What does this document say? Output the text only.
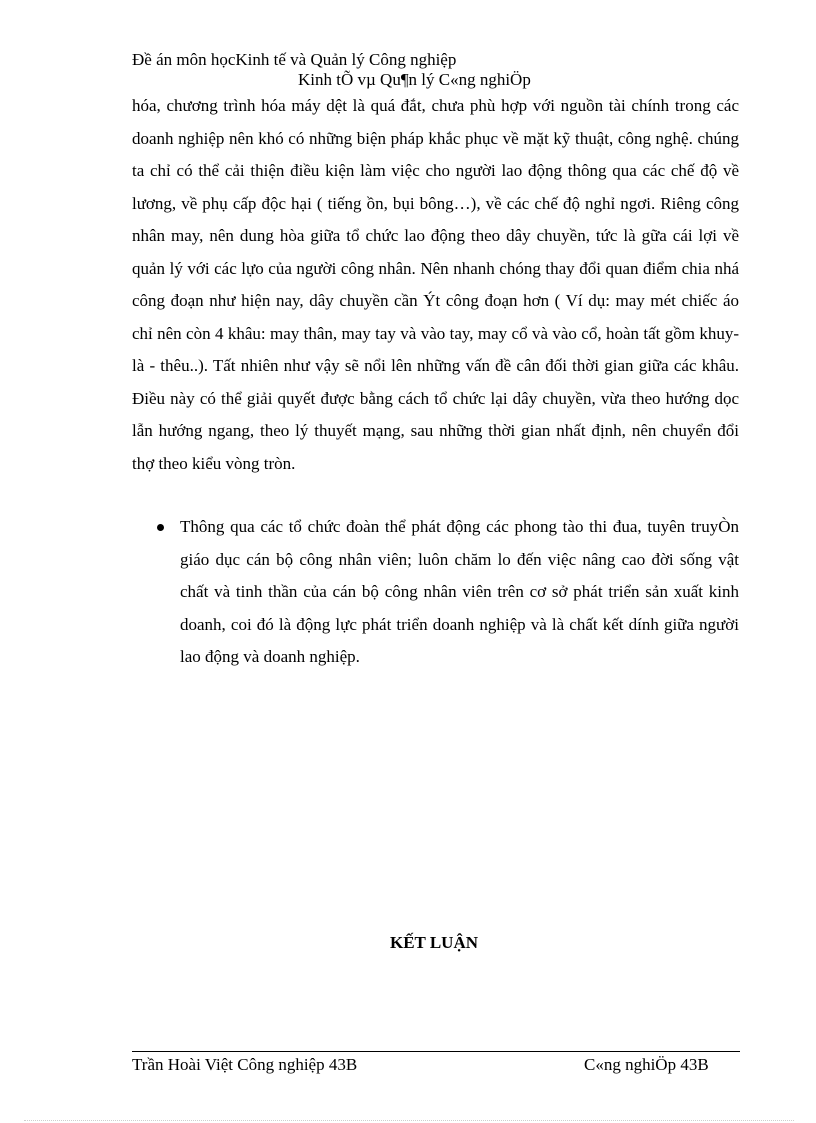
Đề án môn họcKinh tế và Quản lý Công nghiệp
Kinh tÕ vµ Qu¶n lý C«ng nghiÖp

hóa, chương trình hóa máy dệt là quá đắt, chưa phù hợp với nguồn tài chính trong các doanh nghiệp nên khó có những biện pháp khắc phục về mặt kỹ thuật, công nghệ. chúng ta chỉ có thể cải thiện điều kiện làm việc cho người lao động thông qua các chế độ về lương, về phụ cấp độc hại ( tiếng ồn, bụi bông…), về các chế độ nghỉ ngơi. Riêng công nhân may, nên dung hòa giữa tổ chức lao động theo dây chuyền, tức là gữa cái lợi về quản lý với các lựo của người công nhân. Nên nhanh chóng thay đổi quan điểm chia nhá công đoạn như hiện nay, dây chuyền cần Ýt công đoạn hơn ( Ví dụ: may mét chiếc áo chỉ nên còn 4 khâu: may thân, may tay và vào tay, may cổ và vào cổ, hoàn tất gồm khuy- là - thêu..). Tất nhiên như vậy sẽ nổi lên những vấn đề cân đối thời gian giữa các khâu. Điều này có thể giải quyết được bằng cách tổ chức lại dây chuyền, vừa theo hướng dọc lẫn hướng ngang, theo lý thuyết mạng, sau những thời gian nhất định, nên chuyển đổi thợ theo kiểu vòng tròn.

Thông qua các tổ chức đoàn thể phát động các phong tào thi đua, tuyên truyÒn giáo dục cán bộ công nhân viên; luôn chăm lo đến việc nâng cao đời sống vật chất và tinh thần của cán bộ công nhân viên trên cơ sở phát triển sản xuất kinh doanh, coi đó là động lực phát triển doanh nghiệp và là chất kết dính giữa người lao động và doanh nghiệp.
KẾT LUẬN
Trần Hoài Việt Công nghiệp 43B	C«ng nghiÖp 43B
